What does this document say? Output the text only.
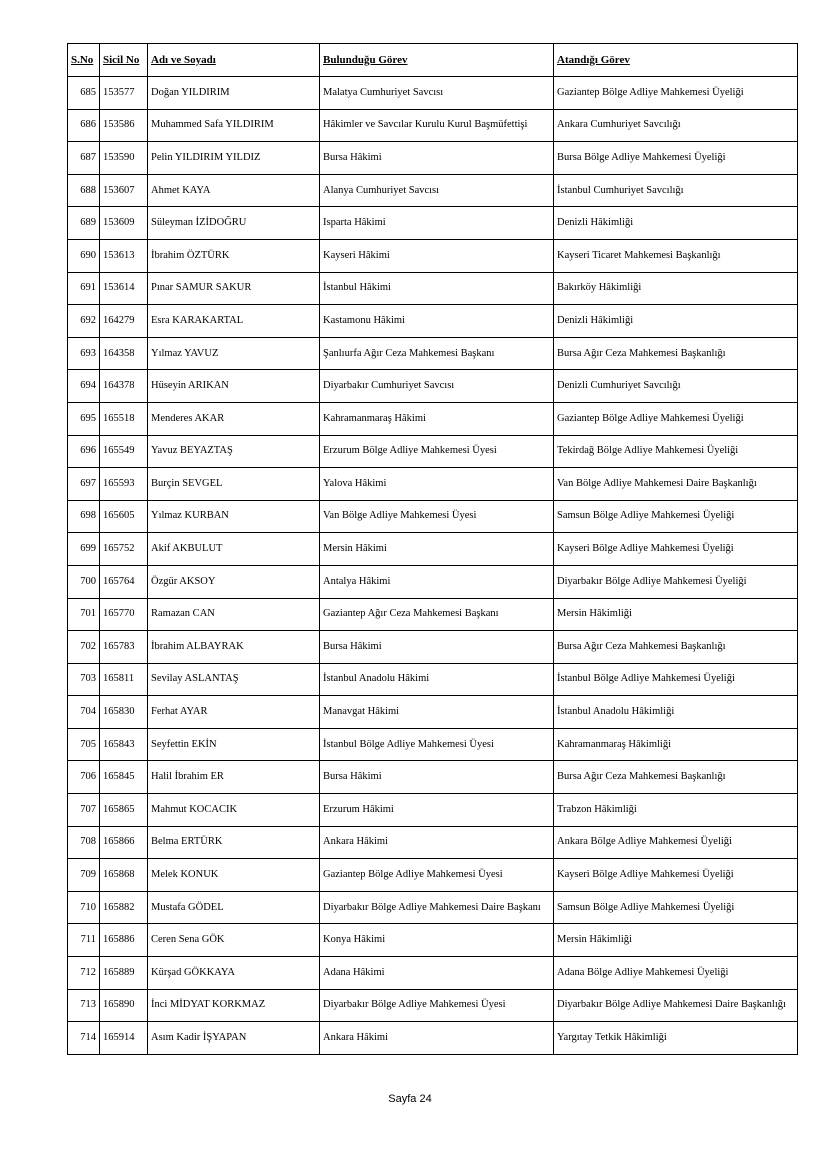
S.No	Sicil No	Adı ve Soyadı	Bulunduğu Görev	Atandığı Görev
685	153577	Doğan YILDIRIM	Malatya Cumhuriyet Savcısı	Gaziantep Bölge Adliye Mahkemesi Üyeliği
686	153586	Muhammed Safa YILDIRIM	Hâkimler ve Savcılar Kurulu Kurul Başmüfettişi	Ankara Cumhuriyet Savcılığı
687	153590	Pelin YILDIRIM YILDIZ	Bursa Hâkimi	Bursa Bölge Adliye Mahkemesi Üyeliği
688	153607	Ahmet KAYA	Alanya Cumhuriyet Savcısı	İstanbul Cumhuriyet Savcılığı
689	153609	Süleyman İZİDOĞRU	Isparta Hâkimi	Denizli Hâkimliği
690	153613	İbrahim ÖZTÜRK	Kayseri Hâkimi	Kayseri Ticaret Mahkemesi Başkanlığı
691	153614	Pınar SAMUR SAKUR	İstanbul Hâkimi	Bakırköy Hâkimliği
692	164279	Esra KARAKARTAL	Kastamonu Hâkimi	Denizli Hâkimliği
693	164358	Yılmaz YAVUZ	Şanlıurfa Ağır Ceza Mahkemesi Başkanı	Bursa Ağır Ceza Mahkemesi Başkanlığı
694	164378	Hüseyin ARIKAN	Diyarbakır Cumhuriyet Savcısı	Denizli Cumhuriyet Savcılığı
695	165518	Menderes AKAR	Kahramanmaraş Hâkimi	Gaziantep Bölge Adliye Mahkemesi Üyeliği
696	165549	Yavuz BEYAZTAŞ	Erzurum Bölge Adliye Mahkemesi Üyesi	Tekirdağ Bölge Adliye Mahkemesi Üyeliği
697	165593	Burçin SEVGEL	Yalova Hâkimi	Van Bölge Adliye Mahkemesi Daire Başkanlığı
698	165605	Yılmaz KURBAN	Van Bölge Adliye Mahkemesi Üyesi	Samsun Bölge Adliye Mahkemesi Üyeliği
699	165752	Akif AKBULUT	Mersin Hâkimi	Kayseri Bölge Adliye Mahkemesi Üyeliği
700	165764	Özgür AKSOY	Antalya Hâkimi	Diyarbakır Bölge Adliye Mahkemesi Üyeliği
701	165770	Ramazan CAN	Gaziantep Ağır Ceza Mahkemesi Başkanı	Mersin Hâkimliği
702	165783	İbrahim ALBAYRAK	Bursa Hâkimi	Bursa Ağır Ceza Mahkemesi Başkanlığı
703	165811	Sevilay ASLANTAŞ	İstanbul Anadolu Hâkimi	İstanbul Bölge Adliye Mahkemesi Üyeliği
704	165830	Ferhat AYAR	Manavgat Hâkimi	İstanbul Anadolu Hâkimliği
705	165843	Seyfettin EKİN	İstanbul Bölge Adliye Mahkemesi Üyesi	Kahramanmaraş Hâkimliği
706	165845	Halil İbrahim ER	Bursa Hâkimi	Bursa Ağır Ceza Mahkemesi Başkanlığı
707	165865	Mahmut KOCACIK	Erzurum Hâkimi	Trabzon Hâkimliği
708	165866	Belma ERTÜRK	Ankara Hâkimi	Ankara Bölge Adliye Mahkemesi Üyeliği
709	165868	Melek KONUK	Gaziantep Bölge Adliye Mahkemesi Üyesi	Kayseri Bölge Adliye Mahkemesi Üyeliği
710	165882	Mustafa GÖDEL	Diyarbakır Bölge Adliye Mahkemesi Daire Başkanı	Samsun Bölge Adliye Mahkemesi Üyeliği
711	165886	Ceren Sena GÖK	Konya Hâkimi	Mersin Hâkimliği
712	165889	Kürşad GÖKKAYA	Adana Hâkimi	Adana Bölge Adliye Mahkemesi Üyeliği
713	165890	İnci MİDYAT KORKMAZ	Diyarbakır Bölge Adliye Mahkemesi Üyesi	Diyarbakır Bölge Adliye Mahkemesi Daire Başkanlığı
714	165914	Asım Kadir İŞYAPAN	Ankara Hâkimi	Yargıtay Tetkik Hâkimliği
Sayfa 24
